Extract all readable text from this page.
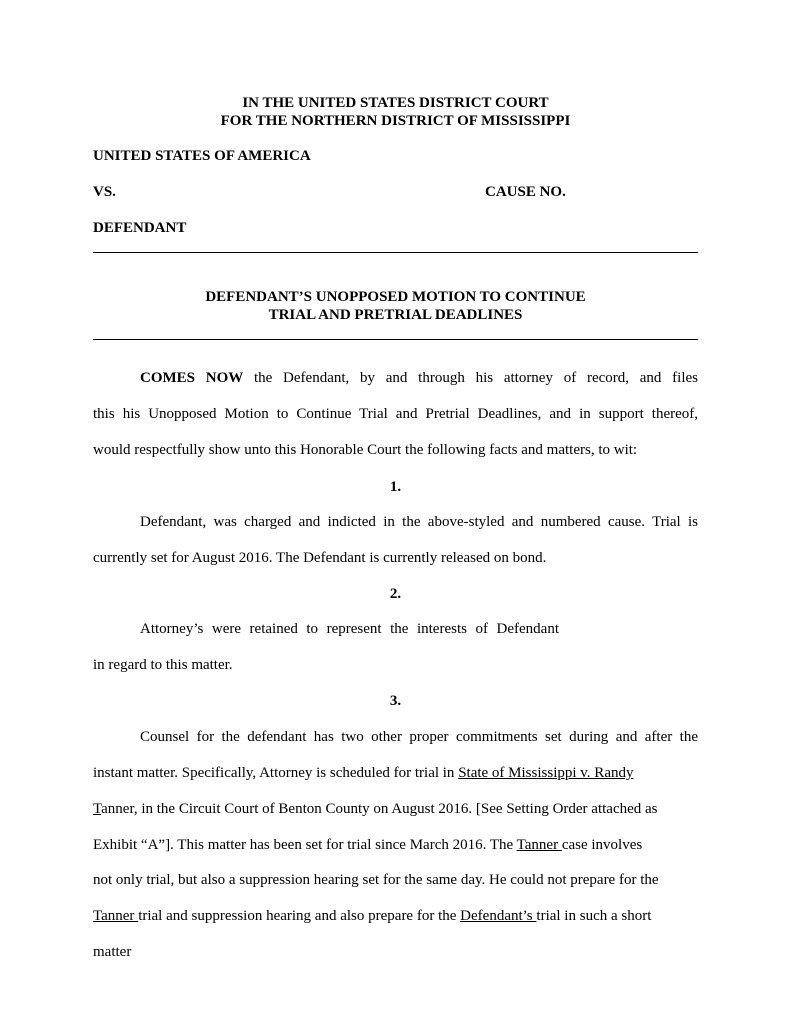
IN THE UNITED STATES DISTRICT COURT
FOR THE NORTHERN DISTRICT OF MISSISSIPPI
UNITED STATES OF AMERICA
VS.	CAUSE NO.
DEFENDANT
DEFENDANT’S UNOPPOSED MOTION TO CONTINUE
TRIAL AND PRETRIAL DEADLINES

COMES NOW the Defendant, by and through his attorney of record, and files

this his Unopposed Motion to Continue Trial and Pretrial Deadlines, and in support thereof,

would respectfully show unto this Honorable Court the following facts and matters, to wit:

1.

Defendant, was charged and indicted in the above-styled and numbered cause. Trial is

currently set for August 2016. The Defendant is currently released on bond.

2.

Attorney’s were retained to represent the interests of Defendant

in regard to this matter.

3.

Counsel for the defendant has two other proper commitments set during and after the

instant matter. Specifically, Attorney is scheduled for trial in State of Mississippi v. Randy

Tanner, in the Circuit Court of Benton County on August 2016. [See Setting Order attached as

Exhibit “A”]. This matter has been set for trial since March 2016. The Tanner case involves

not only trial, but also a suppression hearing set for the same day. He could not prepare for the

Tanner trial and suppression hearing and also prepare for the Defendant’s trial in such a short

matter
